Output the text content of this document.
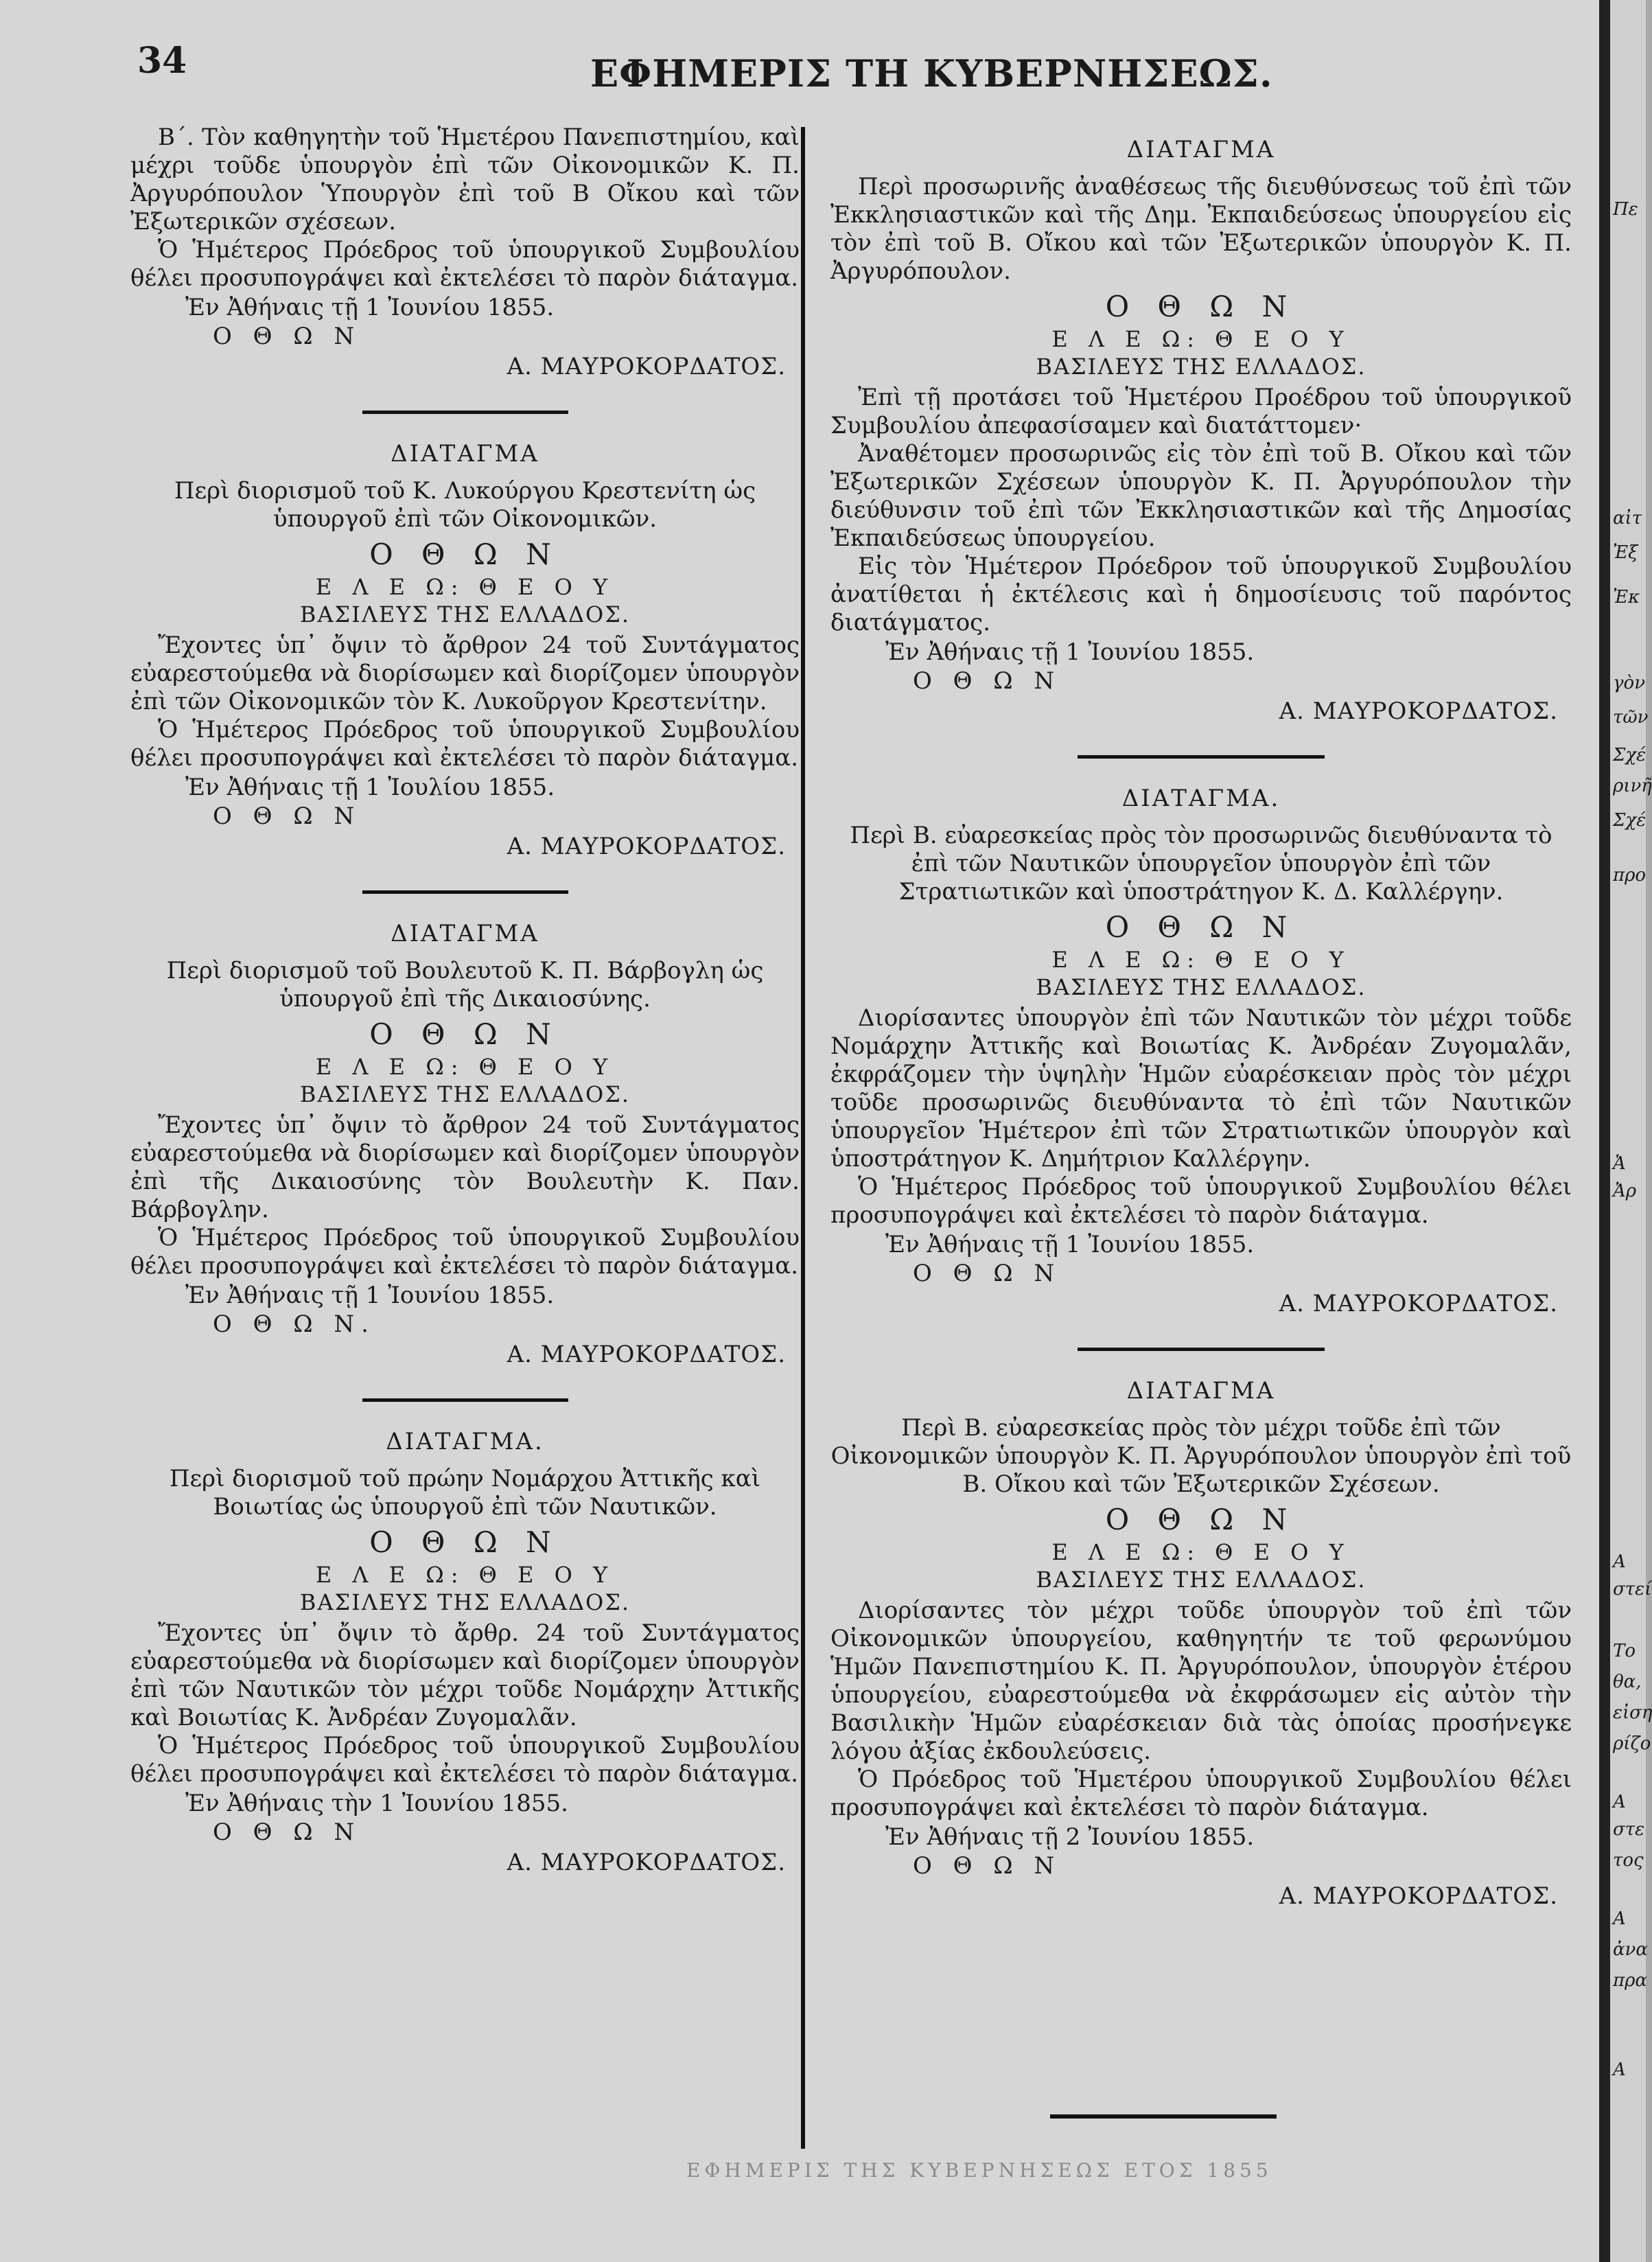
34	ΕΦΗΜΕΡΙΣ ΤΗ ΚΥΒΕΡΝΗΣΕΩΣ.

Β΄. Τὸν καθηγητὴν τοῦ Ἡμετέρου Πανεπιστημίου, καὶ μέχρι τοῦδε ὑπουργὸν ἐπὶ τῶν Οἰκονομικῶν Κ. Π. Ἀργυρόπουλον Ὑπουργὸν ἐπὶ τοῦ Β Οἴκου καὶ τῶν Ἐξωτερικῶν σχέσεων.

Ὁ Ἡμέτερος Πρόεδρος τοῦ ὑπουργικοῦ Συμβουλίου θέλει προσυπογράψει καὶ ἐκτελέσει τὸ παρὸν διάταγμα.

Ἐν Ἀθήναις τῇ 1 Ἰουνίου 1855.

Ο Θ Ω Ν

Α. ΜΑΥΡΟΚΟΡΔΑΤΟΣ.

ΔΙΑΤΑΓΜΑ

Περὶ διορισμοῦ τοῦ Κ. Λυκούργου Κρεστενίτη ὡς ὑπουργοῦ ἐπὶ τῶν Οἰκονομικῶν.

Ο Θ Ω Ν

Ε Λ Ε Ω: Θ Ε Ο Υ

ΒΑΣΙΛΕΥΣ ΤΗΣ ΕΛΛΑΔΟΣ.

Ἔχοντες ὑπ᾽ ὄψιν τὸ ἄρθρον 24 τοῦ Συντάγματος εὐαρεστούμεθα νὰ διορίσωμεν καὶ διορίζομεν ὑπουργὸν ἐπὶ τῶν Οἰκονομικῶν τὸν Κ. Λυκοῦργον Κρεστενίτην.

Ὁ Ἡμέτερος Πρόεδρος τοῦ ὑπουργικοῦ Συμβουλίου θέλει προσυπογράψει καὶ ἐκτελέσει τὸ παρὸν διάταγμα.

Ἐν Ἀθήναις τῇ 1 Ἰουλίου 1855.

Ο Θ Ω Ν

Α. ΜΑΥΡΟΚΟΡΔΑΤΟΣ.

ΔΙΑΤΑΓΜΑ

Περὶ διορισμοῦ τοῦ Βουλευτοῦ Κ. Π. Βάρβογλη ὡς ὑπουργοῦ ἐπὶ τῆς Δικαιοσύνης.

Ο Θ Ω Ν

Ε Λ Ε Ω: Θ Ε Ο Υ

ΒΑΣΙΛΕΥΣ ΤΗΣ ΕΛΛΑΔΟΣ.

Ἔχοντες ὑπ᾽ ὄψιν τὸ ἄρθρον 24 τοῦ Συντάγματος εὐαρεστούμεθα νὰ διορίσωμεν καὶ διορίζομεν ὑπουργὸν ἐπὶ τῆς Δικαιοσύνης τὸν Βουλευτὴν Κ. Παν. Βάρβογλην.

Ὁ Ἡμέτερος Πρόεδρος τοῦ ὑπουργικοῦ Συμβουλίου θέλει προσυπογράψει καὶ ἐκτελέσει τὸ παρὸν διάταγμα.

Ἐν Ἀθήναις τῇ 1 Ἰουνίου 1855.

Ο Θ Ω Ν.

Α. ΜΑΥΡΟΚΟΡΔΑΤΟΣ.

ΔΙΑΤΑΓΜΑ.

Περὶ διορισμοῦ τοῦ πρώην Νομάρχου Ἀττικῆς καὶ Βοιωτίας ὡς ὑπουργοῦ ἐπὶ τῶν Ναυτικῶν.

Ο Θ Ω Ν

Ε Λ Ε Ω: Θ Ε Ο Υ

ΒΑΣΙΛΕΥΣ ΤΗΣ ΕΛΛΑΔΟΣ.

Ἔχοντες ὑπ᾽ ὄψιν τὸ ἄρθρ. 24 τοῦ Συντάγματος εὐαρεστούμεθα νὰ διορίσωμεν καὶ διορίζομεν ὑπουργὸν ἐπὶ τῶν Ναυτικῶν τὸν μέχρι τοῦδε Νομάρχην Ἀττικῆς καὶ Βοιωτίας Κ. Ἀνδρέαν Ζυγομαλᾶν.

Ὁ Ἡμέτερος Πρόεδρος τοῦ ὑπουργικοῦ Συμβουλίου θέλει προσυπογράψει καὶ ἐκτελέσει τὸ παρὸν διάταγμα.

Ἐν Ἀθήναις τὴν 1 Ἰουνίου 1855.

Ο Θ Ω Ν

Α. ΜΑΥΡΟΚΟΡΔΑΤΟΣ.

ΔΙΑΤΑΓΜΑ

Περὶ προσωρινῆς ἀναθέσεως τῆς διευθύνσεως τοῦ ἐπὶ τῶν Ἐκκλησιαστικῶν καὶ τῆς Δημ. Ἐκπαιδεύσεως ὑπουργείου εἰς τὸν ἐπὶ τοῦ Β. Οἴκου καὶ τῶν Ἐξωτερικῶν ὑπουργὸν Κ. Π. Ἀργυρόπουλον.

Ο Θ Ω Ν

Ε Λ Ε Ω: Θ Ε Ο Υ

ΒΑΣΙΛΕΥΣ ΤΗΣ ΕΛΛΑΔΟΣ.

Ἐπὶ τῇ προτάσει τοῦ Ἡμετέρου Προέδρου τοῦ ὑπουργικοῦ Συμβουλίου ἀπεφασίσαμεν καὶ διατάττομεν·

Ἀναθέτομεν προσωρινῶς εἰς τὸν ἐπὶ τοῦ Β. Οἴκου καὶ τῶν Ἐξωτερικῶν Σχέσεων ὑπουργὸν Κ. Π. Ἀργυρόπουλον τὴν διεύθυνσιν τοῦ ἐπὶ τῶν Ἐκκλησιαστικῶν καὶ τῆς Δημοσίας Ἐκπαιδεύσεως ὑπουργείου.

Εἰς τὸν Ἡμέτερον Πρόεδρον τοῦ ὑπουργικοῦ Συμβουλίου ἀνατίθεται ἡ ἐκτέλεσις καὶ ἡ δημοσίευσις τοῦ παρόντος διατάγματος.

Ἐν Ἀθήναις τῇ 1 Ἰουνίου 1855.

Ο Θ Ω Ν

Α. ΜΑΥΡΟΚΟΡΔΑΤΟΣ.

ΔΙΑΤΑΓΜΑ.

Περὶ Β. εὐαρεσκείας πρὸς τὸν προσωρινῶς διευθύναντα τὸ ἐπὶ τῶν Ναυτικῶν ὑπουργεῖον ὑπουργὸν ἐπὶ τῶν Στρατιωτικῶν καὶ ὑποστράτηγον Κ. Δ. Καλλέργην.

Ο Θ Ω Ν

Ε Λ Ε Ω: Θ Ε Ο Υ

ΒΑΣΙΛΕΥΣ ΤΗΣ ΕΛΛΑΔΟΣ.

Διορίσαντες ὑπουργὸν ἐπὶ τῶν Ναυτικῶν τὸν μέχρι τοῦδε Νομάρχην Ἀττικῆς καὶ Βοιωτίας Κ. Ἀνδρέαν Ζυγομαλᾶν, ἐκφράζομεν τὴν ὑψηλὴν Ἡμῶν εὐαρέσκειαν πρὸς τὸν μέχρι τοῦδε προσωρινῶς διευθύναντα τὸ ἐπὶ τῶν Ναυτικῶν ὑπουργεῖον Ἡμέτερον ἐπὶ τῶν Στρατιωτικῶν ὑπουργὸν καὶ ὑποστράτηγον Κ. Δημήτριον Καλλέργην.

Ὁ Ἡμέτερος Πρόεδρος τοῦ ὑπουργικοῦ Συμβουλίου θέλει προσυπογράψει καὶ ἐκτελέσει τὸ παρὸν διάταγμα.

Ἐν Ἀθήναις τῇ 1 Ἰουνίου 1855.

Ο Θ Ω Ν

Α. ΜΑΥΡΟΚΟΡΔΑΤΟΣ.

ΔΙΑΤΑΓΜΑ

Περὶ Β. εὐαρεσκείας πρὸς τὸν μέχρι τοῦδε ἐπὶ τῶν Οἰκονομικῶν ὑπουργὸν Κ. Π. Ἀργυρόπουλον ὑπουργὸν ἐπὶ τοῦ Β. Οἴκου καὶ τῶν Ἐξωτερικῶν Σχέσεων.

Ο Θ Ω Ν

Ε Λ Ε Ω: Θ Ε Ο Υ

ΒΑΣΙΛΕΥΣ ΤΗΣ ΕΛΛΑΔΟΣ.

Διορίσαντες τὸν μέχρι τοῦδε ὑπουργὸν τοῦ ἐπὶ τῶν Οἰκονομικῶν ὑπουργείου, καθηγητήν τε τοῦ φερωνύμου Ἡμῶν Πανεπιστημίου Κ. Π. Ἀργυρόπουλον, ὑπουργὸν ἑτέρου ὑπουργείου, εὐαρεστούμεθα νὰ ἐκφράσωμεν εἰς αὐτὸν τὴν Βασιλικὴν Ἡμῶν εὐαρέσκειαν διὰ τὰς ὁποίας προσήνεγκε λόγου ἀξίας ἐκδουλεύσεις.

Ὁ Πρόεδρος τοῦ Ἡμετέρου ὑπουργικοῦ Συμβουλίου θέλει προσυπογράψει καὶ ἐκτελέσει τὸ παρὸν διάταγμα.

Ἐν Ἀθήναις τῇ 2 Ἰουνίου 1855.

Ο Θ Ω Ν

Α. ΜΑΥΡΟΚΟΡΔΑΤΟΣ.

ΕΦΗΜΕΡΙΣ ΤΗΣ ΚΥΒΕΡΝΗΣΕΩΣ ΕΤΟΣ 1855
Πε
αἰτ
Ἐξ
Ἐκ
Ἀρ
γὸν
τῶν
Σχέ
ρινῆ
Σχέ
προ
Ἀ
Α
στεί
Το
θα,
εἰση
ρίζο
Α
στε
τος
Α
ἀνα
πρα
Α
